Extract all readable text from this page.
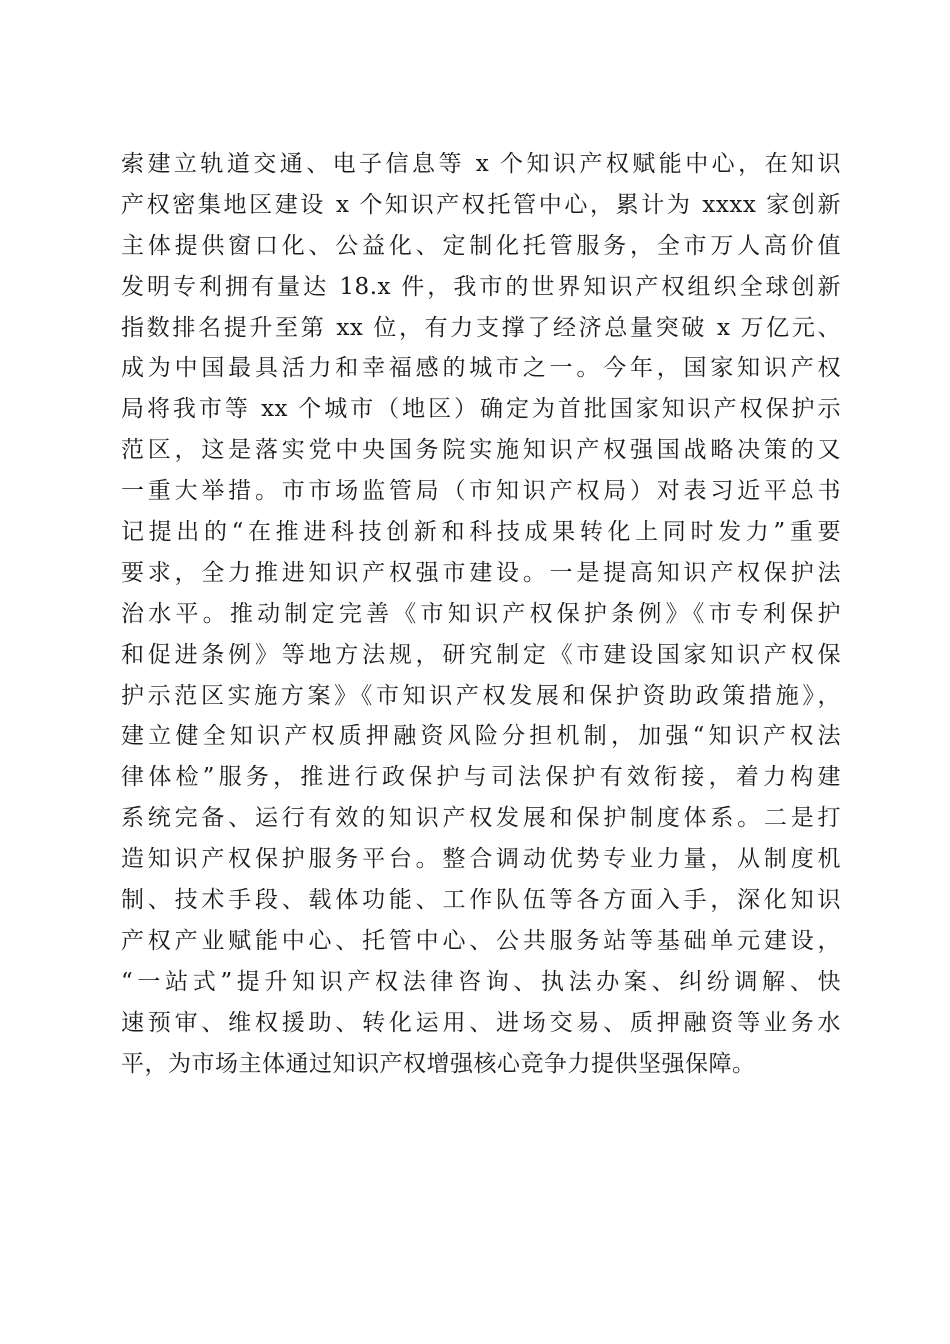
索建立轨道交通、电子信息等 x 个知识产权赋能中心，在知识
产权密集地区建设 x 个知识产权托管中心，累计为 xxxx 家创新
主体提供窗口化、公益化、定制化托管服务，全市万人高价值
发明专利拥有量达 18.x 件，我市的世界知识产权组织全球创新
指数排名提升至第 xx 位，有力支撑了经济总量突破 x 万亿元、
成为中国最具活力和幸福感的城市之一。今年，国家知识产权
局将我市等 xx 个城市（地区）确定为首批国家知识产权保护示
范区，这是落实党中央国务院实施知识产权强国战略决策的又
一重大举措。市市场监管局（市知识产权局）对表习近平总书
记提出的“在推进科技创新和科技成果转化上同时发力”重要
要求，全力推进知识产权强市建设。一是提高知识产权保护法
治水平。推动制定完善《市知识产权保护条例》《市专利保护
和促进条例》等地方法规，研究制定《市建设国家知识产权保
护示范区实施方案》《市知识产权发展和保护资助政策措施》，
建立健全知识产权质押融资风险分担机制，加强“知识产权法
律体检”服务，推进行政保护与司法保护有效衔接，着力构建
系统完备、运行有效的知识产权发展和保护制度体系。二是打
造知识产权保护服务平台。整合调动优势专业力量，从制度机
制、技术手段、载体功能、工作队伍等各方面入手，深化知识
产权产业赋能中心、托管中心、公共服务站等基础单元建设，
“一站式”提升知识产权法律咨询、执法办案、纠纷调解、快
速预审、维权援助、转化运用、进场交易、质押融资等业务水
平，为市场主体通过知识产权增强核心竞争力提供坚强保障。
